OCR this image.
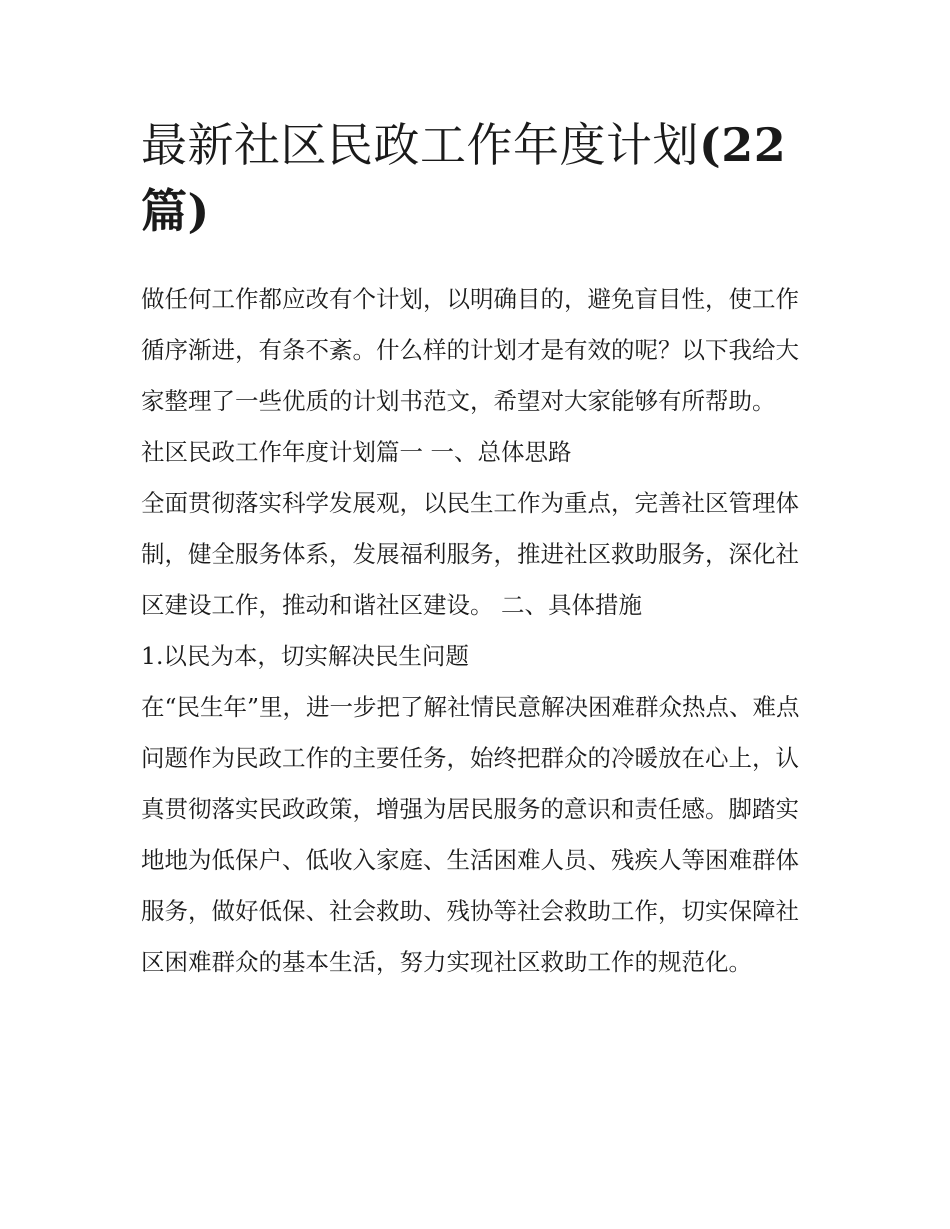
最新社区民政工作年度计划(22篇)

做任何工作都应改有个计划，以明确目的，避免盲目性，使工作循序渐进，有条不紊。什么样的计划才是有效的呢？以下我给大家整理了一些优质的计划书范文，希望对大家能够有所帮助。

社区民政工作年度计划篇一 一、总体思路

全面贯彻落实科学发展观，以民生工作为重点，完善社区管理体制，健全服务体系，发展福利服务，推进社区救助服务，深化社区建设工作，推动和谐社区建设。 二、具体措施

1.以民为本，切实解决民生问题

在“民生年”里，进一步把了解社情民意解决困难群众热点、难点问题作为民政工作的主要任务，始终把群众的冷暖放在心上，认真贯彻落实民政政策，增强为居民服务的意识和责任感。脚踏实地地为低保户、低收入家庭、生活困难人员、残疾人等困难群体服务，做好低保、社会救助、残协等社会救助工作，切实保障社区困难群众的基本生活，努力实现社区救助工作的规范化。
